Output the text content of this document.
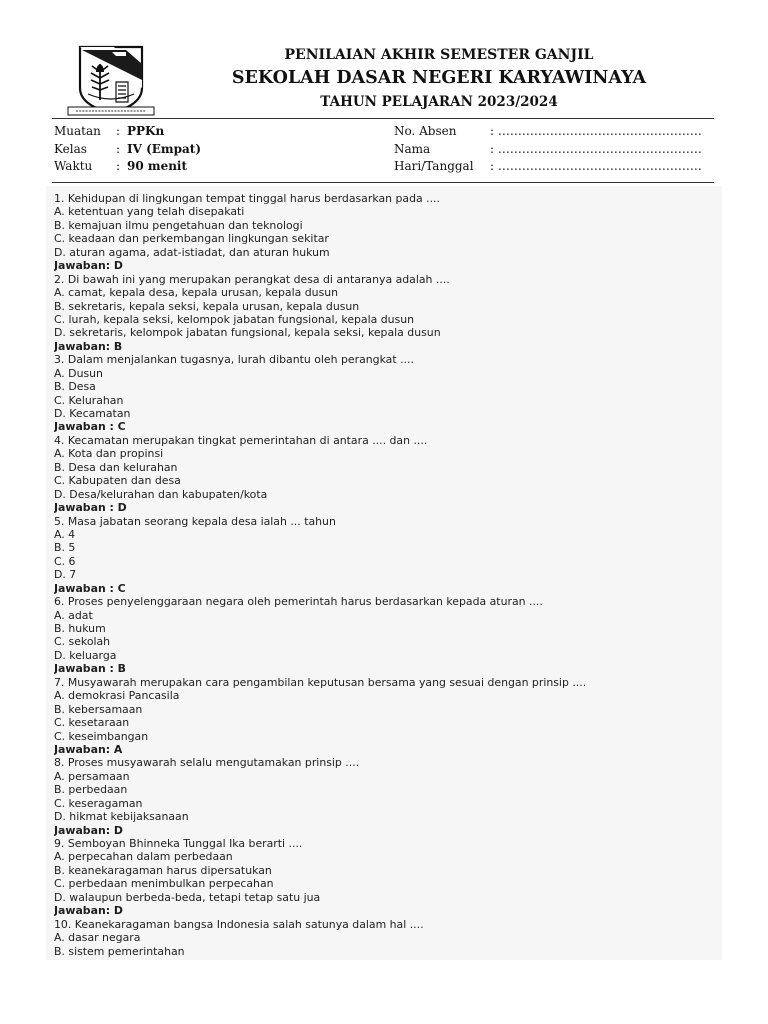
PENILAIAN AKHIR SEMESTER GANJIL
SEKOLAH DASAR NEGERI KARYAWINAYA
TAHUN PELAJARAN 2023/2024
Muatan : PPKn
Kelas : IV (Empat)
Waktu : 90 menit
No. Absen	: ……………………………………………
Nama	: ……………………………………………
Hari/Tanggal : ……………………………………………
1. Kehidupan di lingkungan tempat tinggal harus berdasarkan pada ....
A. ketentuan yang telah disepakati
B. kemajuan ilmu pengetahuan dan teknologi
C. keadaan dan perkembangan lingkungan sekitar
D. aturan agama, adat-istiadat, dan aturan hukum
Jawaban: D
2. Di bawah ini yang merupakan perangkat desa di antaranya adalah ....
A. camat, kepala desa, kepala urusan, kepala dusun
B. sekretaris, kepala seksi, kepala urusan, kepala dusun
C. lurah, kepala seksi, kelompok jabatan fungsional, kepala dusun
D. sekretaris, kelompok jabatan fungsional, kepala seksi, kepala dusun
Jawaban: B
3. Dalam menjalankan tugasnya, lurah dibantu oleh perangkat ....
A. Dusun
B. Desa
C. Kelurahan
D. Kecamatan
Jawaban : C
4. Kecamatan merupakan tingkat pemerintahan di antara .... dan ....
A. Kota dan propinsi
B. Desa dan kelurahan
C. Kabupaten dan desa
D. Desa/kelurahan dan kabupaten/kota
Jawaban : D
5. Masa jabatan seorang kepala desa ialah ... tahun
A. 4
B. 5
C. 6
D. 7
Jawaban : C
6. Proses penyelenggaraan negara oleh pemerintah harus berdasarkan kepada aturan ....
A. adat
B. hukum
C. sekolah
D. keluarga
Jawaban : B
7. Musyawarah merupakan cara pengambilan keputusan bersama yang sesuai dengan prinsip ....
A. demokrasi Pancasila
B. kebersamaan
C. kesetaraan
C. keseimbangan
Jawaban: A
8. Proses musyawarah selalu mengutamakan prinsip ....
A. persamaan
B. perbedaan
C. keseragaman
D. hikmat kebijaksanaan
Jawaban: D
9. Semboyan Bhinneka Tunggal Ika berarti ....
A. perpecahan dalam perbedaan
B. keanekaragaman harus dipersatukan
C. perbedaan menimbulkan perpecahan
D. walaupun berbeda-beda, tetapi tetap satu jua
Jawaban: D
10. Keanekaragaman bangsa Indonesia salah satunya dalam hal ....
A. dasar negara
B. sistem pemerintahan
